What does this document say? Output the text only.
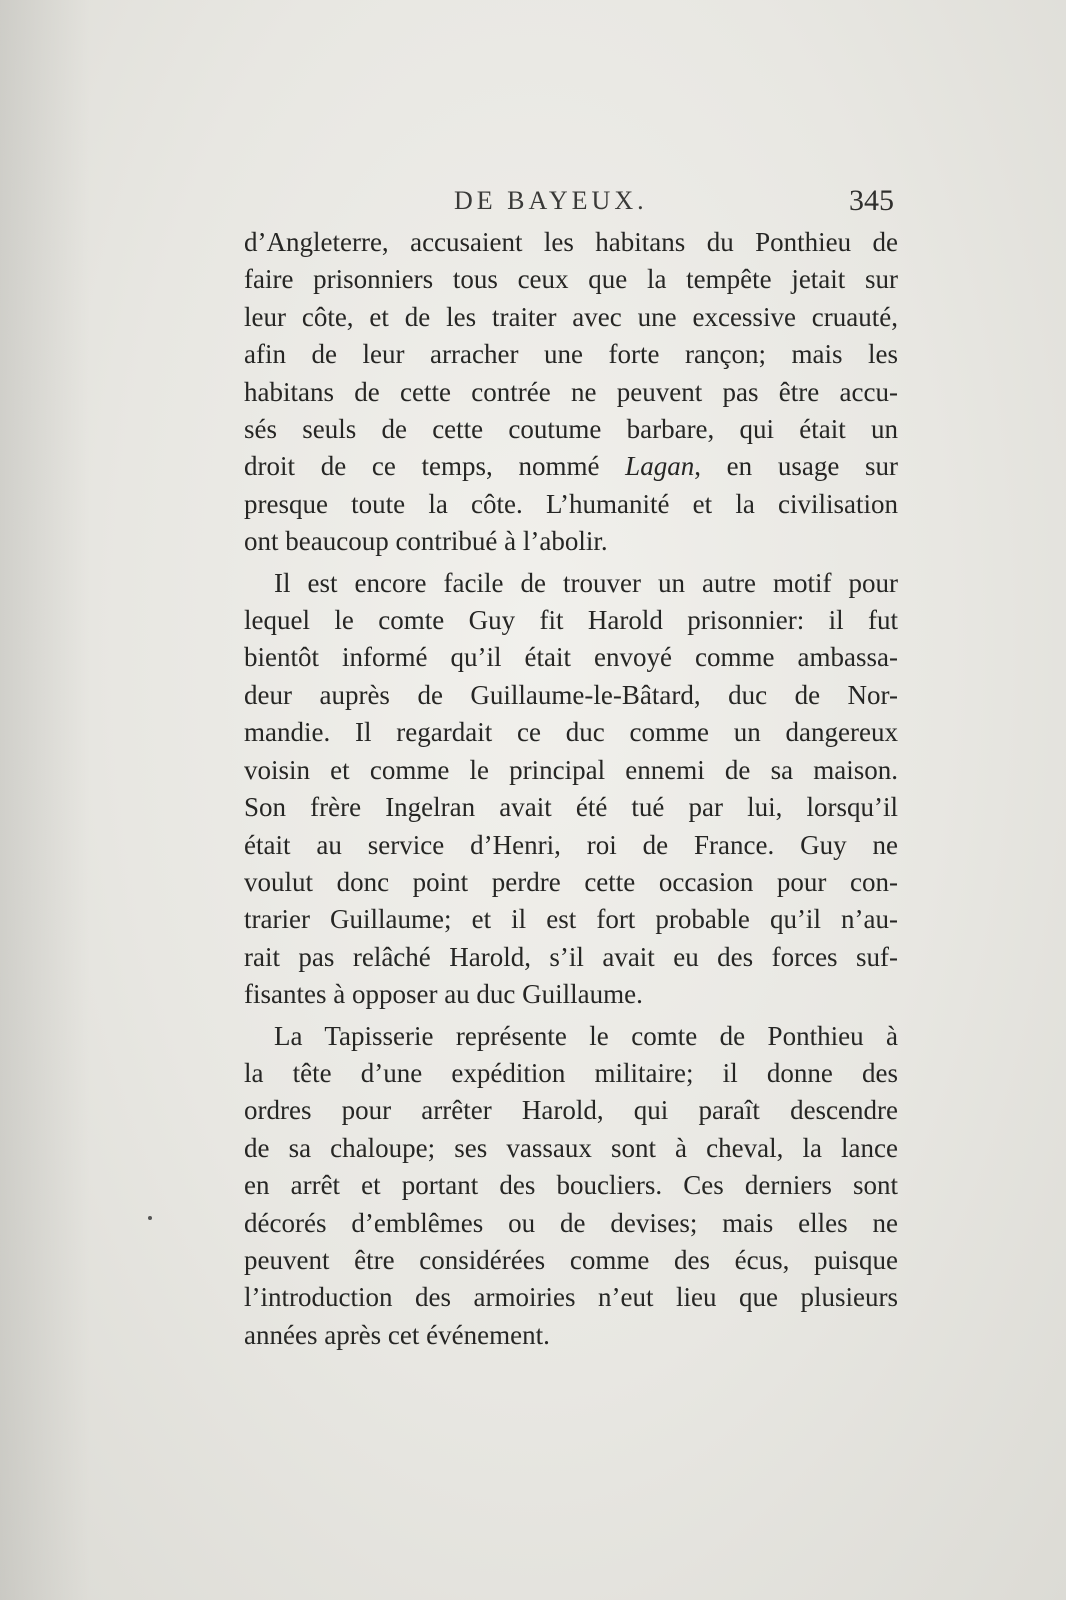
DE BAYEUX.	345
d’Angleterre, accusaient les habitans du Ponthieu de
faire prisonniers tous ceux que la tempête jetait sur
leur côte, et de les traiter avec une excessive cruauté,
afin de leur arracher une forte rançon; mais les
habitans de cette contrée ne peuvent pas être accu-
sés seuls de cette coutume barbare, qui était un
droit de ce temps, nommé Lagan, en usage sur
presque toute la côte. L’humanité et la civilisation
ont beaucoup contribué à l’abolir.
Il est encore facile de trouver un autre motif pour
lequel le comte Guy fit Harold prisonnier: il fut
bientôt informé qu’il était envoyé comme ambassa-
deur auprès de Guillaume-le-Bâtard, duc de Nor-
mandie. Il regardait ce duc comme un dangereux
voisin et comme le principal ennemi de sa maison.
Son frère Ingelran avait été tué par lui, lorsqu’il
était au service d’Henri, roi de France. Guy ne
voulut donc point perdre cette occasion pour con-
trarier Guillaume; et il est fort probable qu’il n’au-
rait pas relâché Harold, s’il avait eu des forces suf-
fisantes à opposer au duc Guillaume.
La Tapisserie représente le comte de Ponthieu à
la tête d’une expédition militaire; il donne des
ordres pour arrêter Harold, qui paraît descendre
de sa chaloupe; ses vassaux sont à cheval, la lance
en arrêt et portant des boucliers. Ces derniers sont
décorés d’emblêmes ou de devises; mais elles ne
peuvent être considérées comme des écus, puisque
l’introduction des armoiries n’eut lieu que plusieurs
années après cet événement.
